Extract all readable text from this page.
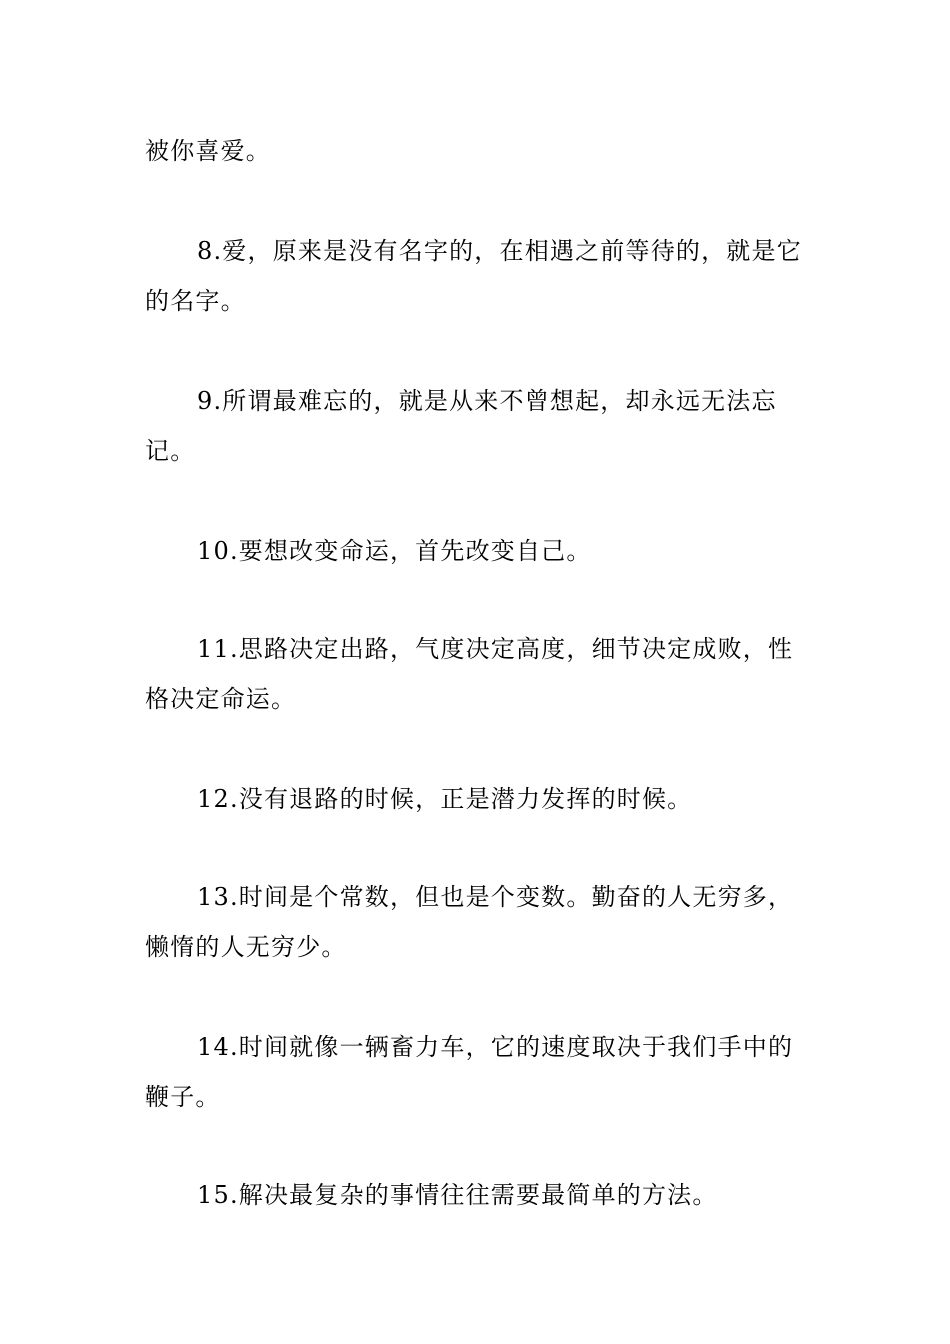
被你喜爱。

8.爱，原来是没有名字的，在相遇之前等待的，就是它的名字。

9.所谓最难忘的，就是从来不曾想起，却永远无法忘记。

10.要想改变命运，首先改变自己。

11.思路决定出路，气度决定高度，细节决定成败，性格决定命运。

12.没有退路的时候，正是潜力发挥的时候。

13.时间是个常数，但也是个变数。勤奋的人无穷多，懒惰的人无穷少。

14.时间就像一辆畜力车，它的速度取决于我们手中的鞭子。

15.解决最复杂的事情往往需要最简单的方法。
